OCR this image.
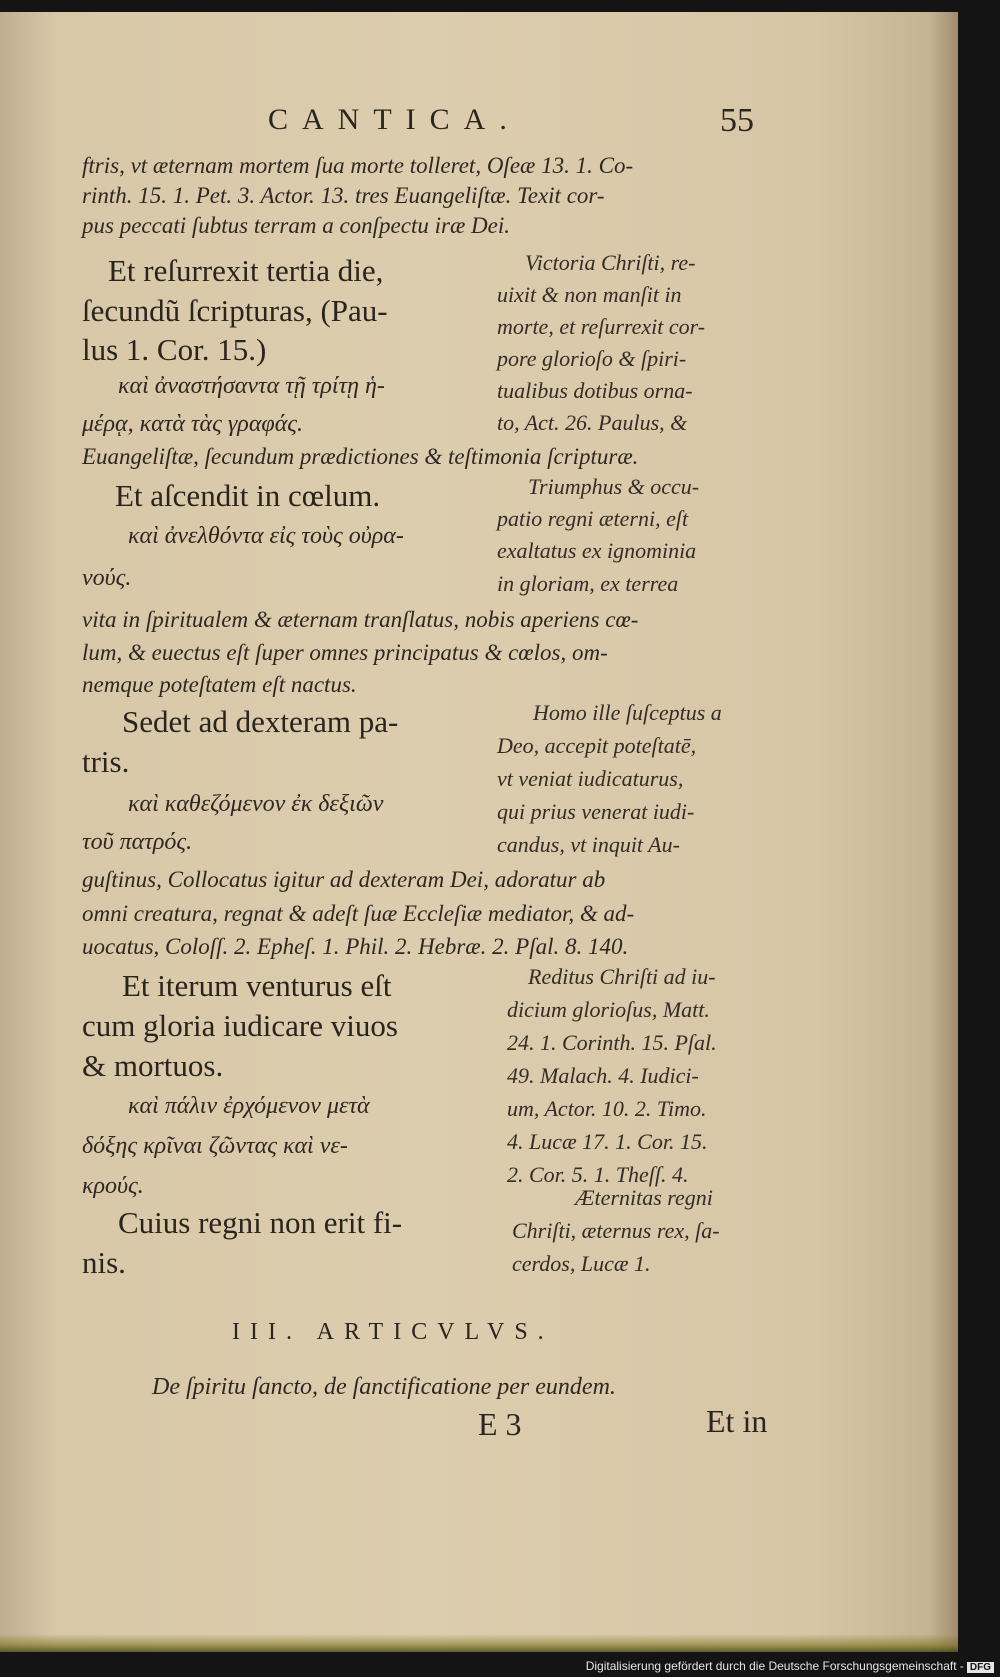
CANTICA.	55

ftris, vt æternam mortem ſua morte tolleret, Oſeæ 13. 1. Co-

rinth. 15. 1. Pet. 3. Actor. 13. tres Euangeliſtæ. Texit cor-

pus peccati ſubtus terram a conſpectu iræ Dei.

Et reſurrexit tertia die,

ſecundũ ſcripturas, (Pau-

lus 1. Cor. 15.)

καὶ ἀναστήσαντα τῇ τρίτῃ ἡ-

μέρᾳ, κατὰ τὰς γραφάς.

Victoria Chriſti, re-

uixit & non manſit in

morte, et reſurrexit cor-

pore glorioſo & ſpiri-

tualibus dotibus orna-

to, Act. 26. Paulus, &

Euangeliſtæ, ſecundum prædictiones & teſtimonia ſcripturæ.

Et aſcendit in cœlum.

καὶ ἀνελθόντα εἰς τοὺς οὐρα-

νούς.

Triumphus & occu-

patio regni æterni, eſt

exaltatus ex ignominia

in gloriam, ex terrea

vita in ſpiritualem & æternam tranſlatus, nobis aperiens cœ-

lum, & euectus eſt ſuper omnes principatus & cœlos, om-

nemque poteſtatem eſt nactus.

Sedet ad dexteram pa-

tris.

καὶ καθεζόμενον ἐκ δεξιῶν

τοῦ πατρός.

Homo ille ſuſceptus a

Deo, accepit poteſtatē,

vt veniat iudicaturus,

qui prius venerat iudi-

candus, vt inquit Au-

guſtinus, Collocatus igitur ad dexteram Dei, adoratur ab

omni creatura, regnat & adeſt ſuæ Eccleſiæ mediator, & ad-

uocatus, Coloſſ. 2. Epheſ. 1. Phil. 2. Hebræ. 2. Pſal. 8. 140.

Et iterum venturus eſt

cum gloria iudicare viuos

& mortuos.

καὶ πάλιν ἐρχόμενον μετὰ

δόξης κρῖναι ζῶντας καὶ νε-

κρούς.

Reditus Chriſti ad iu-

dicium glorioſus, Matt.

24. 1. Corinth. 15. Pſal.

49. Malach. 4. Iudici-

um, Actor. 10. 2. Timo.

4. Lucæ 17. 1. Cor. 15.

2. Cor. 5. 1. Theſſ. 4.

Cuius regni non erit fi-

nis.

Æternitas regni

Chriſti, æternus rex, ſa-

cerdos, Lucæ 1.

III. ARTICVLVS.

De ſpiritu ſancto, de ſanctificatione per eundem.

E 3	Et in

Digitalisierung gefördert durch die Deutsche Forschungsgemeinschaft - DFG
